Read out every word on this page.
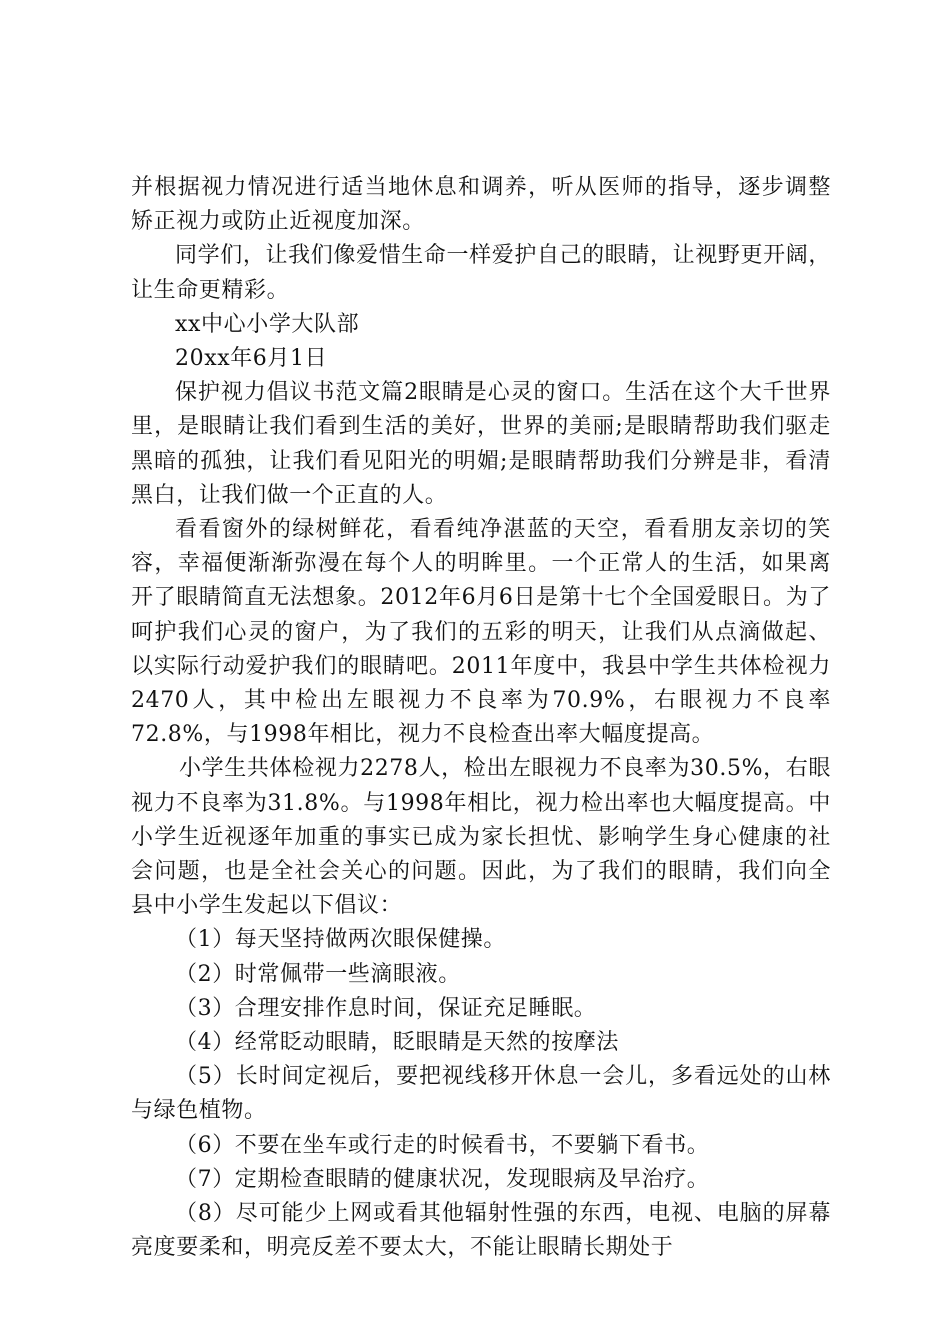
并根据视力情况进行适当地休息和调养，听从医师的指导，逐步调整矫正视力或防止近视度加深。

同学们，让我们像爱惜生命一样爱护自己的眼睛，让视野更开阔，让生命更精彩。

xx中心小学大队部

20xx年6月1日

保护视力倡议书范文篇2眼睛是心灵的窗口。生活在这个大千世界里，是眼睛让我们看到生活的美好，世界的美丽;是眼睛帮助我们驱走黑暗的孤独，让我们看见阳光的明媚;是眼睛帮助我们分辨是非，看清黑白，让我们做一个正直的人。

看看窗外的绿树鲜花，看看纯净湛蓝的天空，看看朋友亲切的笑容，幸福便渐渐弥漫在每个人的明眸里。一个正常人的生活，如果离开了眼睛简直无法想象。2012年6月6日是第十七个全国爱眼日。为了呵护我们心灵的窗户，为了我们的五彩的明天，让我们从点滴做起、以实际行动爱护我们的眼睛吧。2011年度中，我县中学生共体检视力2470人，其中检出左眼视力不良率为70.9%，右眼视力不良率72.8%，与1998年相比，视力不良检查出率大幅度提高。

小学生共体检视力2278人，检出左眼视力不良率为30.5%，右眼视力不良率为31.8%。与1998年相比，视力检出率也大幅度提高。中小学生近视逐年加重的事实已成为家长担忧、影响学生身心健康的社会问题，也是全社会关心的问题。因此，为了我们的眼睛，我们向全县中小学生发起以下倡议：

（1）每天坚持做两次眼保健操。

（2）时常佩带一些滴眼液。

（3）合理安排作息时间，保证充足睡眠。

（4）经常眨动眼睛，眨眼睛是天然的按摩法

（5）长时间定视后，要把视线移开休息一会儿，多看远处的山林与绿色植物。

（6）不要在坐车或行走的时候看书，不要躺下看书。

（7）定期检查眼睛的健康状况，发现眼病及早治疗。

（8）尽可能少上网或看其他辐射性强的东西，电视、电脑的屏幕亮度要柔和，明亮反差不要太大，不能让眼睛长期处于
